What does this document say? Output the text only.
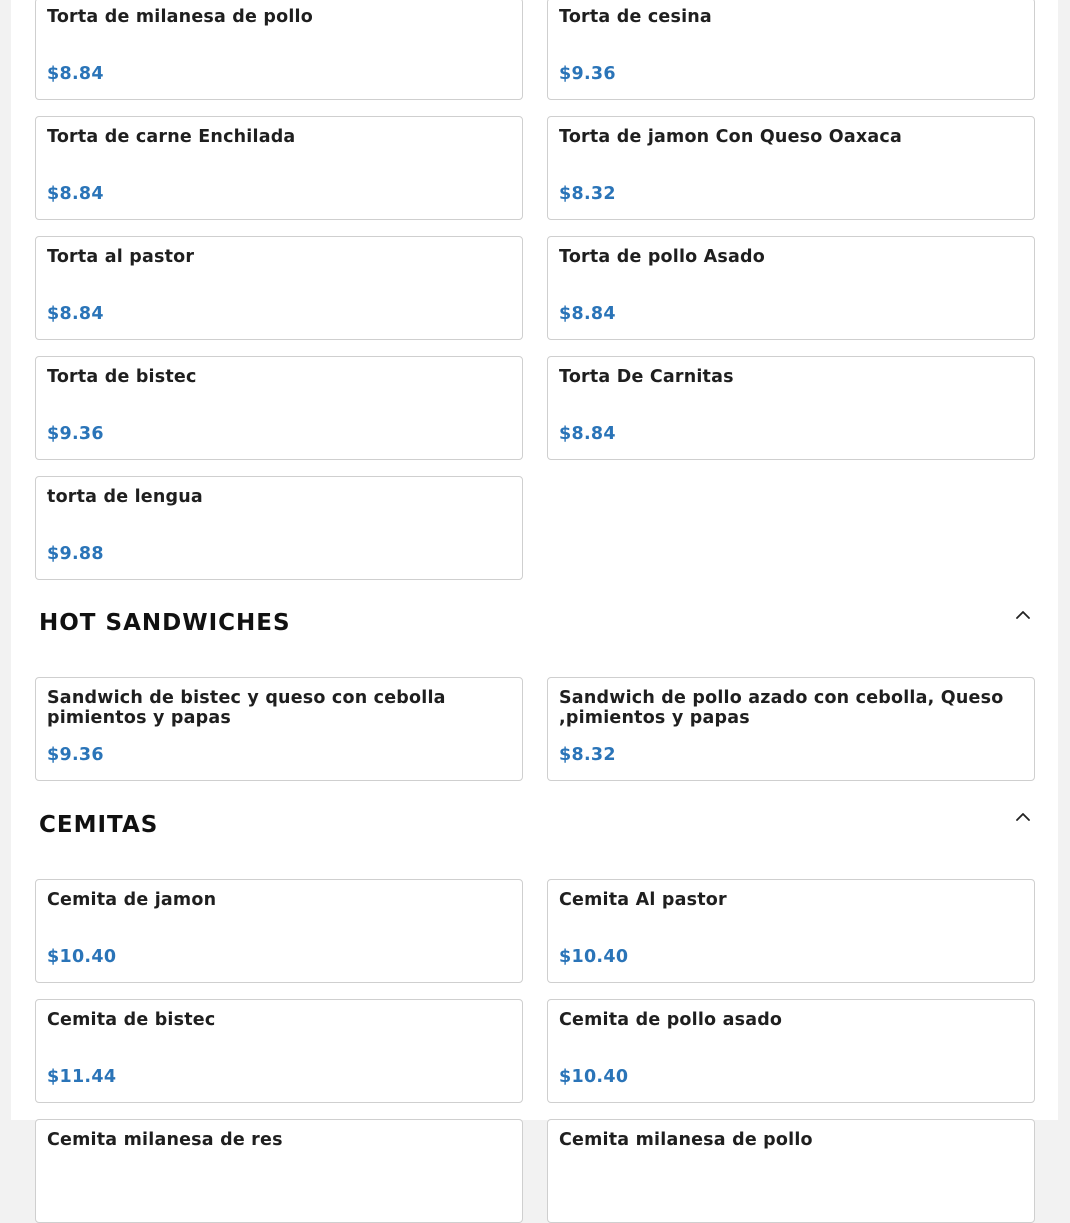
Torta de milanesa de pollo
$8.84
Torta de cesina
$9.36
Torta de carne Enchilada
$8.84
Torta de jamon Con Queso Oaxaca
$8.32
Torta al pastor
$8.84
Torta de pollo Asado
$8.84
Torta de bistec
$9.36
Torta De Carnitas
$8.84
torta de lengua
$9.88
HOT SANDWICHES
Sandwich de bistec y queso con cebolla pimientos y papas
$9.36
Sandwich de pollo azado con cebolla, Queso ,pimientos y papas
$8.32
CEMITAS
Cemita de jamon
$10.40
Cemita Al pastor
$10.40
Cemita de bistec
$11.44
Cemita de pollo asado
$10.40
Cemita milanesa de res	Cemita milanesa de pollo
